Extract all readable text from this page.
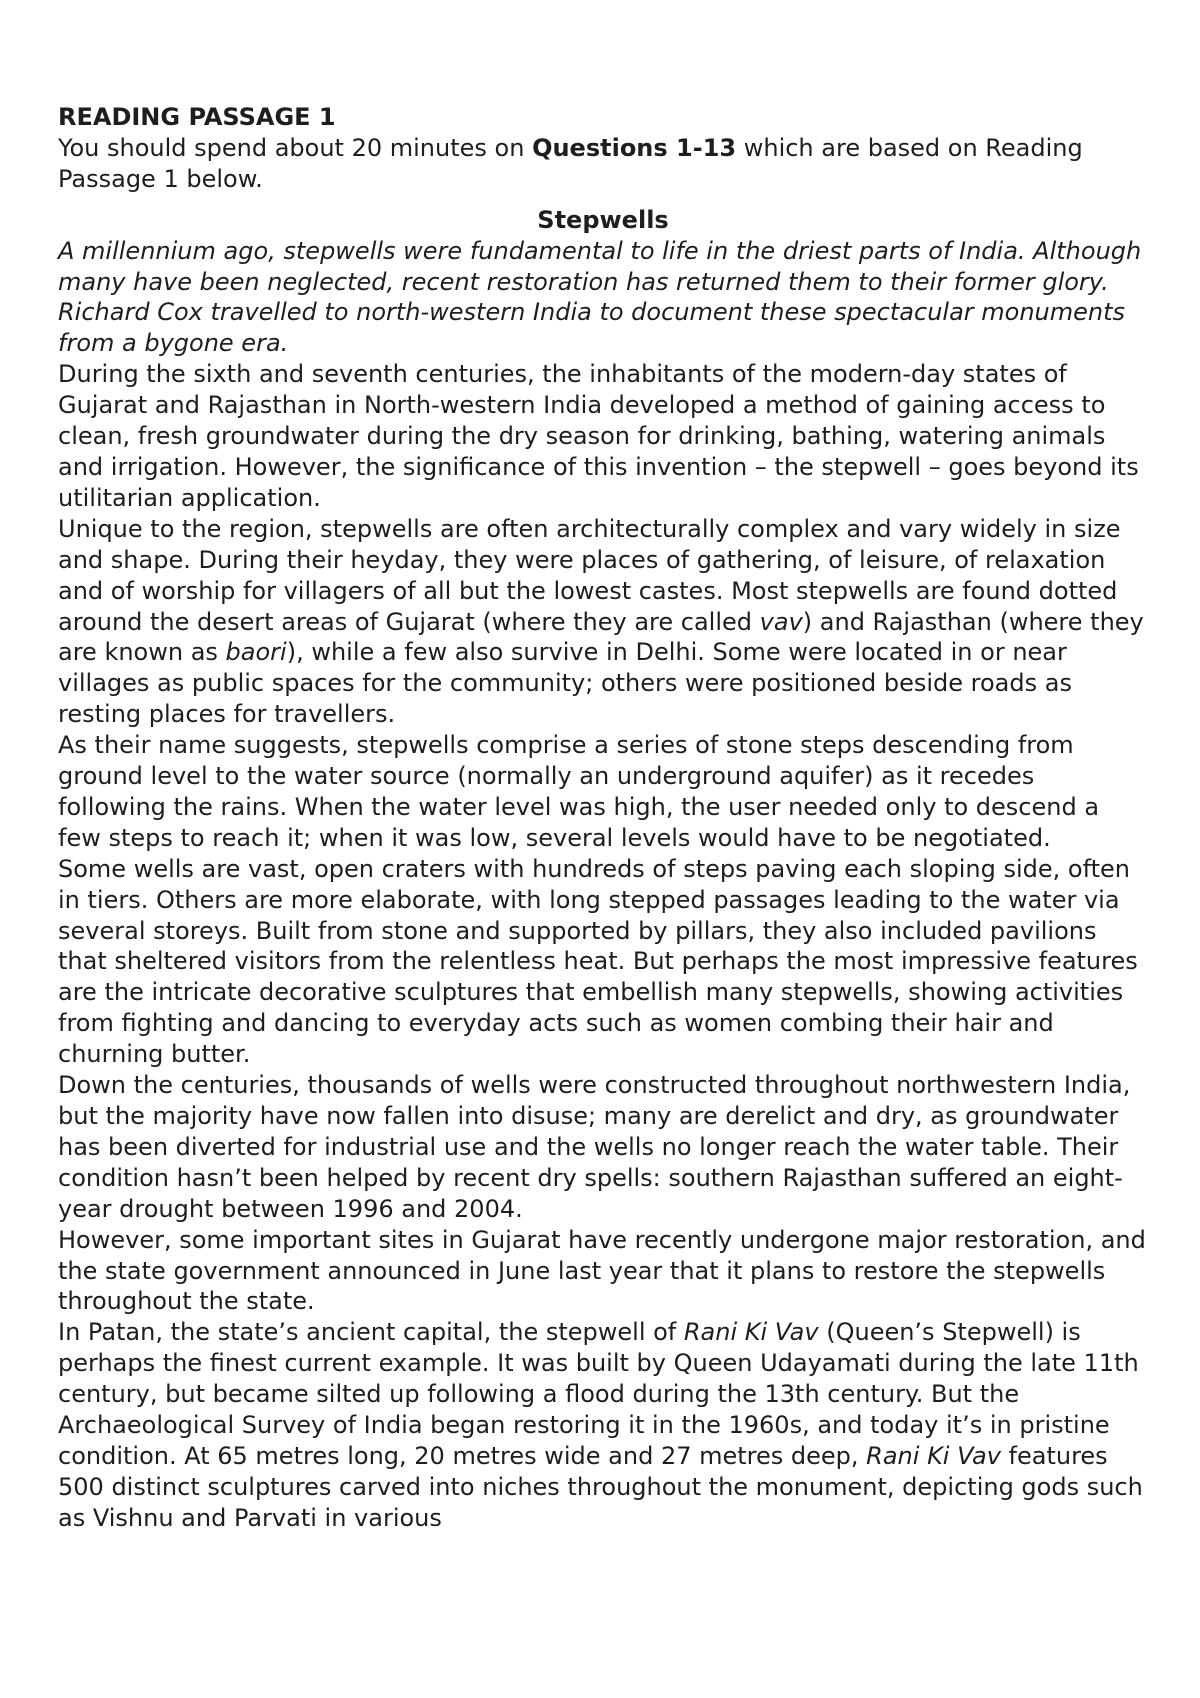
READING PASSAGE 1

You should spend about 20 minutes on Questions 1-13 which are based on Reading Passage 1 below.

Stepwells

A millennium ago, stepwells were fundamental to life in the driest parts of India. Although many have been neglected, recent restoration has returned them to their former glory. Richard Cox travelled to north-western India to document these spectacular monuments from a bygone era.

During the sixth and seventh centuries, the inhabitants of the modern-day states of Gujarat and Rajasthan in North-western India developed a method of gaining access to clean, fresh groundwater during the dry season for drinking, bathing, watering animals and irrigation. However, the significance of this invention – the stepwell – goes beyond its utilitarian application.

Unique to the region, stepwells are often architecturally complex and vary widely in size and shape. During their heyday, they were places of gathering, of leisure, of relaxation and of worship for villagers of all but the lowest castes. Most stepwells are found dotted around the desert areas of Gujarat (where they are called vav) and Rajasthan (where they are known as baori), while a few also survive in Delhi. Some were located in or near villages as public spaces for the community; others were positioned beside roads as resting places for travellers.

As their name suggests, stepwells comprise a series of stone steps descending from ground level to the water source (normally an underground aquifer) as it recedes following the rains. When the water level was high, the user needed only to descend a few steps to reach it; when it was low, several levels would have to be negotiated.

Some wells are vast, open craters with hundreds of steps paving each sloping side, often in tiers. Others are more elaborate, with long stepped passages leading to the water via several storeys. Built from stone and supported by pillars, they also included pavilions that sheltered visitors from the relentless heat. But perhaps the most impressive features are the intricate decorative sculptures that embellish many stepwells, showing activities from fighting and dancing to everyday acts such as women combing their hair and churning butter.

Down the centuries, thousands of wells were constructed throughout northwestern India, but the majority have now fallen into disuse; many are derelict and dry, as groundwater has been diverted for industrial use and the wells no longer reach the water table. Their condition hasn’t been helped by recent dry spells: southern Rajasthan suffered an eight-year drought between 1996 and 2004.

However, some important sites in Gujarat have recently undergone major restoration, and the state government announced in June last year that it plans to restore the stepwells throughout the state.

In Patan, the state’s ancient capital, the stepwell of Rani Ki Vav (Queen’s Stepwell) is perhaps the finest current example. It was built by Queen Udayamati during the late 11th century, but became silted up following a flood during the 13th century. But the Archaeological Survey of India began restoring it in the 1960s, and today it’s in pristine condition. At 65 metres long, 20 metres wide and 27 metres deep, Rani Ki Vav features 500 distinct sculptures carved into niches throughout the monument, depicting gods such as Vishnu and Parvati in various
